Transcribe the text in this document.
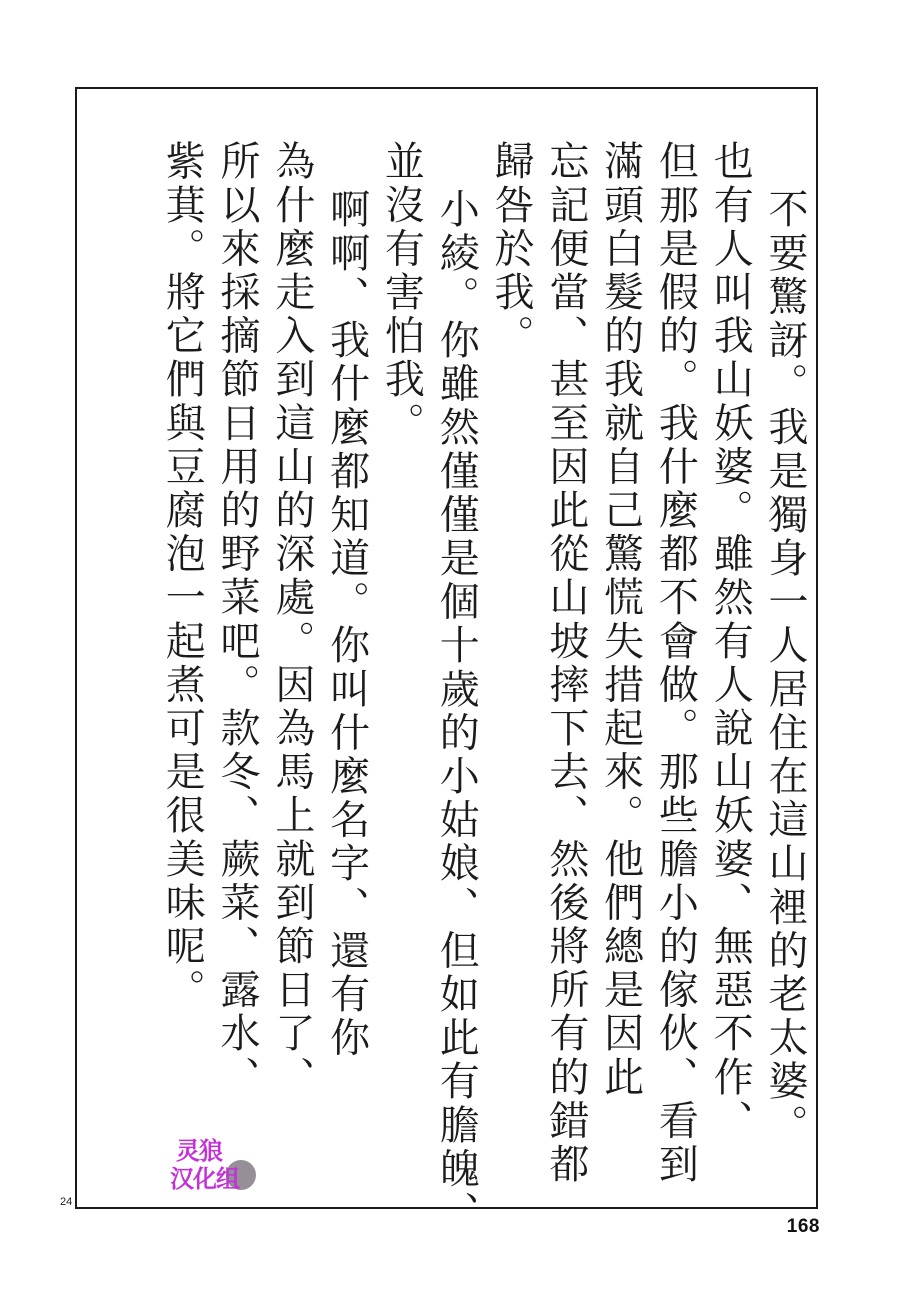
不要驚訝。我是獨身一人居住在這山裡的老太婆。
也有人叫我山妖婆。雖然有人說山妖婆、無惡不作、
但那是假的。我什麼都不會做。那些膽小的傢伙、看到
滿頭白髮的我就自己驚慌失措起來。他們總是因此
忘記便當、甚至因此從山坡摔下去、然後將所有的錯都
歸咎於我。
小綾。你雖然僅僅是個十歲的小姑娘、但如此有膽魄、
並沒有害怕我。
啊啊、我什麼都知道。你叫什麼名字、還有你
為什麼走入到這山的深處。因為馬上就到節日了、
所以來採摘節日用的野菜吧。款冬、蕨菜、露水、
紫萁。將它們與豆腐泡一起煮可是很美味呢。
灵狼
汉化组
24
168
